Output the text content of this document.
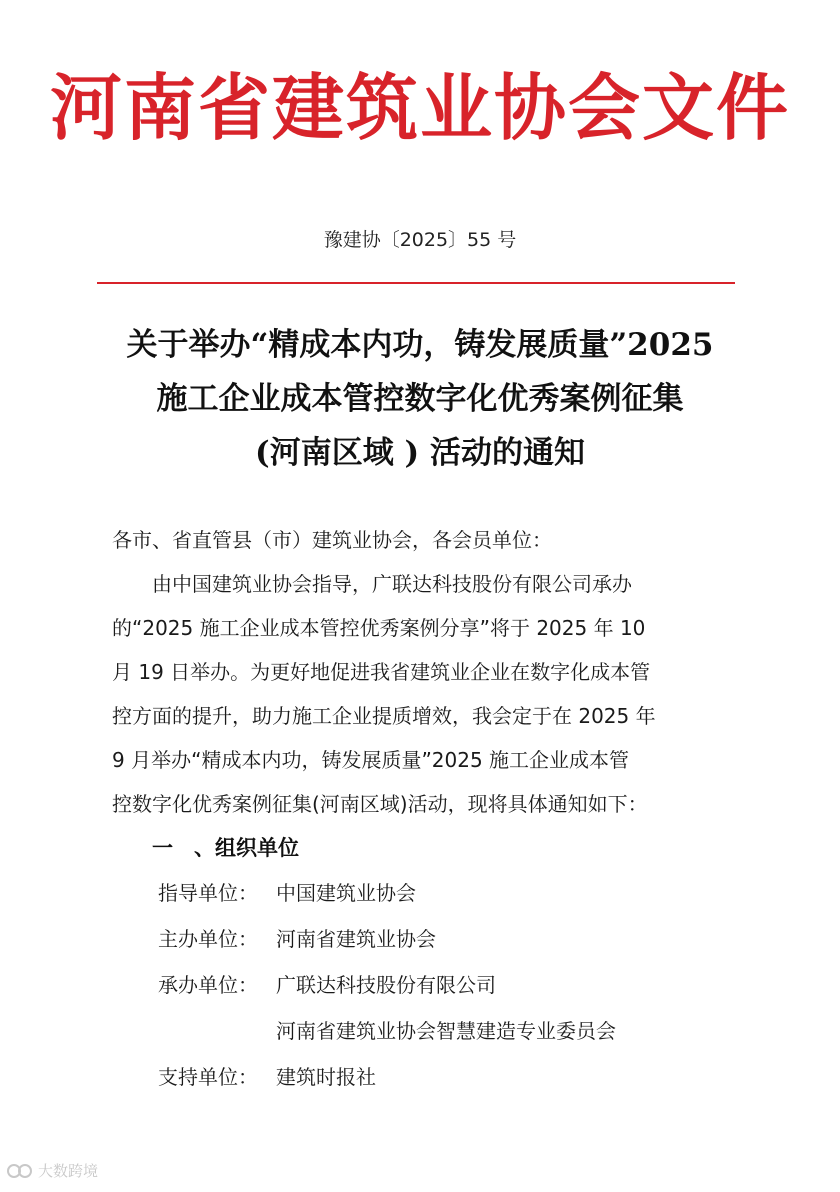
河南省建筑业协会文件
豫建协〔2025〕55 号
关于举办“精成本内功，铸发展质量”2025
施工企业成本管控数字化优秀案例征集
(河南区域 ) 活动的通知
各市、省直管县（市）建筑业协会，各会员单位：
　　由中国建筑业协会指导，广联达科技股份有限公司承办
的“2025 施工企业成本管控优秀案例分享”将于 2025 年 10
月 19 日举办。为更好地促进我省建筑业企业在数字化成本管
控方面的提升，助力施工企业提质增效，我会定于在 2025 年
9 月举办“精成本内功，铸发展质量”2025 施工企业成本管
控数字化优秀案例征集(河南区域)活动，现将具体通知如下：
一　、组织单位
指导单位： 中国建筑业协会
主办单位： 河南省建筑业协会
承办单位： 广联达科技股份有限公司
河南省建筑业协会智慧建造专业委员会
支持单位： 建筑时报社
大数跨境
